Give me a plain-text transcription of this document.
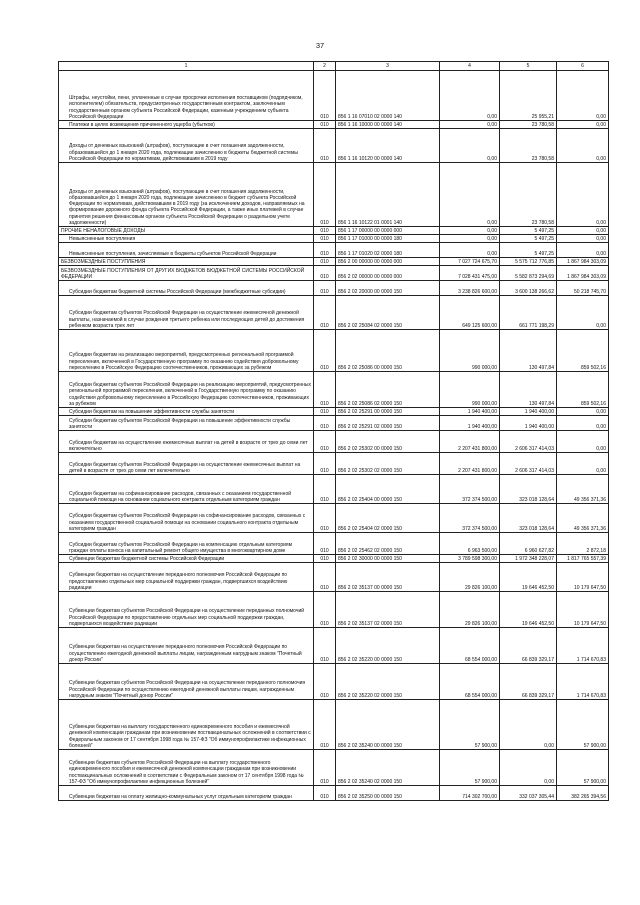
37
1	2	3	4	5	6
Штрафы, неустойки, пени, уплаченные в случае просрочки исполнения поставщиком (подрядчиком, исполнителем) обязательств, предусмотренных государственным контрактом, заключенным государственным органом субъекта Российской Федерации, казенным учреждением субъекта Российской Федерации	010	856 1 16 07010 02 0000 140	0,00	25 955,21	0,00
Платежи в целях возмещения причиненного ущерба (убытков)	010	856 1 16 10000 00 0000 140	0,00	23 780,58	0,00
Доходы от денежных взысканий (штрафов), поступающие в счет погашения задолженности, образовавшейся до 1 января 2020 года, подлежащие зачислению в бюджеты бюджетной системы Российской Федерации по нормативам, действовавшим в 2019 году	010	856 1 16 10120 00 0000 140	0,00	23 780,58	0,00
Доходы от денежных взысканий (штрафов), поступающие в счет погашения задолженности, образовавшейся до 1 января 2020 года, подлежащие зачислению в бюджет субъекта Российской Федерации по нормативам, действовавшим в 2019 году (за исключением доходов, направляемых на формирование дорожного фонда субъекта Российской Федерации, а также иных платежей в случае принятия решения финансовым органом субъекта Российской Федерации о раздельном учете задолженности)	010	856 1 16 10122 01 0001 140	0,00	23 780,58	0,00
ПРОЧИЕ НЕНАЛОГОВЫЕ ДОХОДЫ	010	856 1 17 00000 00 0000 000	0,00	5 497,25	0,00
Невыясненные поступления	010	856 1 17 01000 00 0000 180	0,00	5 497,25	0,00
Невыясненные поступления, зачисляемые в бюджеты субъектов Российской Федерации	010	856 1 17 01020 02 0000 180	0,00	5 497,25	0,00
БЕЗВОЗМЕЗДНЫЕ ПОСТУПЛЕНИЯ	010	856 2 00 00000 00 0000 000	7 027 724 675,70	5 575 712 776,85	1 867 984 303,09
БЕЗВОЗМЕЗДНЫЕ ПОСТУПЛЕНИЯ ОТ ДРУГИХ БЮДЖЕТОВ БЮДЖЕТНОЙ СИСТЕМЫ РОССИЙСКОЙ ФЕДЕРАЦИИ	010	856 2 02 00000 00 0000 000	7 028 431 475,00	5 582 873 294,69	1 867 984 303,09
Субсидии бюджетам бюджетной системы Российской Федерации (межбюджетные субсидии)	010	856 2 02 20000 00 0000 150	3 238 826 600,00	3 600 138 266,62	50 218 745,70
Субсидии бюджетам субъектов Российской Федерации на осуществление ежемесячной денежной выплаты, назначаемой в случае рождения третьего ребенка или последующих детей до достижения ребенком возраста трех лет	010	856 2 02 25084 02 0000 150	649 125 600,00	661 771 198,29	0,00
Субсидии бюджетам на реализацию мероприятий, предусмотренных региональной программой переселения, включенной в Государственную программу по оказанию содействия добровольному переселению в Российскую Федерацию соотечественников, проживающих за рубежом	010	856 2 02 25086 00 0000 150	990 000,00	130 497,84	859 502,16
Субсидии бюджетам субъектов Российской Федерации на реализацию мероприятий, предусмотренных региональной программой переселения, включенной в Государственную программу по оказанию содействия добровольному переселению в Российскую Федерацию соотечественников, проживающих за рубежом	010	856 2 02 25086 02 0000 150	990 000,00	130 497,84	859 502,16
Субсидии бюджетам на повышение эффективности службы занятости	010	856 2 02 25291 00 0000 150	1 940 400,00	1 940 400,00	0,00
Субсидии бюджетам субъектов Российской Федерации на повышение эффективности службы занятости	010	856 2 02 25291 02 0000 150	1 940 400,00	1 940 400,00	0,00
Субсидии бюджетам на осуществление ежемесячных выплат на детей в возрасте от трех до семи лет включительно	010	856 2 02 25302 00 0000 150	2 207 431 800,00	2 606 317 414,03	0,00
Субсидии бюджетам субъектов Российской Федерации на осуществление ежемесячных выплат на детей в возрасте от трех до семи лет включительно	010	856 2 02 25302 02 0000 150	2 207 431 800,00	2 606 317 414,03	0,00
Субсидии бюджетам на софинансирование расходов, связанных с оказанием государственной социальной помощи на основании социального контракта отдельным категориям граждан	010	856 2 02 25404 00 0000 150	372 374 500,00	323 018 128,64	49 356 371,36
Субсидии бюджетам субъектов Российской Федерации на софинансирование расходов, связанных с оказанием государственной социальной помощи на основании социального контракта отдельным категориям граждан	010	856 2 02 25404 02 0000 150	372 374 500,00	323 018 128,64	49 356 371,36
Субсидии бюджетам субъектов Российской Федерации на компенсацию отдельным категориям граждан оплаты взноса на капитальный ремонт общего имущества в многоквартирном доме	010	856 2 02 25462 02 0000 150	6 963 500,00	6 960 627,82	2 872,18
Субвенции бюджетам бюджетной системы Российской Федерации	010	856 2 02 30000 00 0000 150	3 789 598 300,00	1 972 348 228,07	1 817 765 557,39
Субвенции бюджетам на осуществление переданного полномочия Российской Федерации по предоставлению отдельных мер социальной поддержки граждан, подвергшихся воздействию радиации	010	856 2 02 35137 00 0000 150	29 826 100,00	19 646 452,50	10 179 647,50
Субвенции бюджетам субъектов Российской Федерации на осуществление переданных полномочий Российской Федерации по предоставлению отдельных мер социальной поддержки граждан, подвергшихся воздействию радиации	010	856 2 02 35137 02 0000 150	29 826 100,00	19 646 452,50	10 179 647,50
Субвенции бюджетам на осуществление переданного полномочия Российской Федерации по осуществлению ежегодной денежной выплаты лицам, награжденным нагрудным знаком "Почетный донор России"	010	856 2 02 35220 00 0000 150	68 554 000,00	66 839 329,17	1 714 670,83
Субвенции бюджетам субъектов Российской Федерации на осуществление переданного полномочия Российской Федерации по осуществлению ежегодной денежной выплаты лицам, награжденным нагрудным знаком "Почетный донор России"	010	856 2 02 35220 02 0000 150	68 554 000,00	66 839 329,17	1 714 670,83
Субвенции бюджетам на выплату государственного единовременного пособия и ежемесячной денежной компенсации гражданам при возникновении поствакцинальных осложнений в соответствии с Федеральным законом от 17 сентября 1998 года № 157-ФЗ "Об иммунопрофилактике инфекционных болезней"	010	856 2 02 35240 00 0000 150	57 900,00	0,00	57 900,00
Субвенции бюджетам субъектов Российской Федерации на выплату государственного единовременного пособия и ежемесячной денежной компенсации гражданам при возникновении поствакцинальных осложнений в соответствии с Федеральным законом от 17 сентября 1998 года № 157-ФЗ "Об иммунопрофилактике инфекционных болезней"	010	856 2 02 35240 02 0000 150	57 900,00	0,00	57 900,00
Субвенции бюджетам на оплату жилищно-коммунальных услуг отдельным категориям граждан	010	856 2 02 35250 00 0000 150	714 302 700,00	332 037 305,44	382 265 394,56
